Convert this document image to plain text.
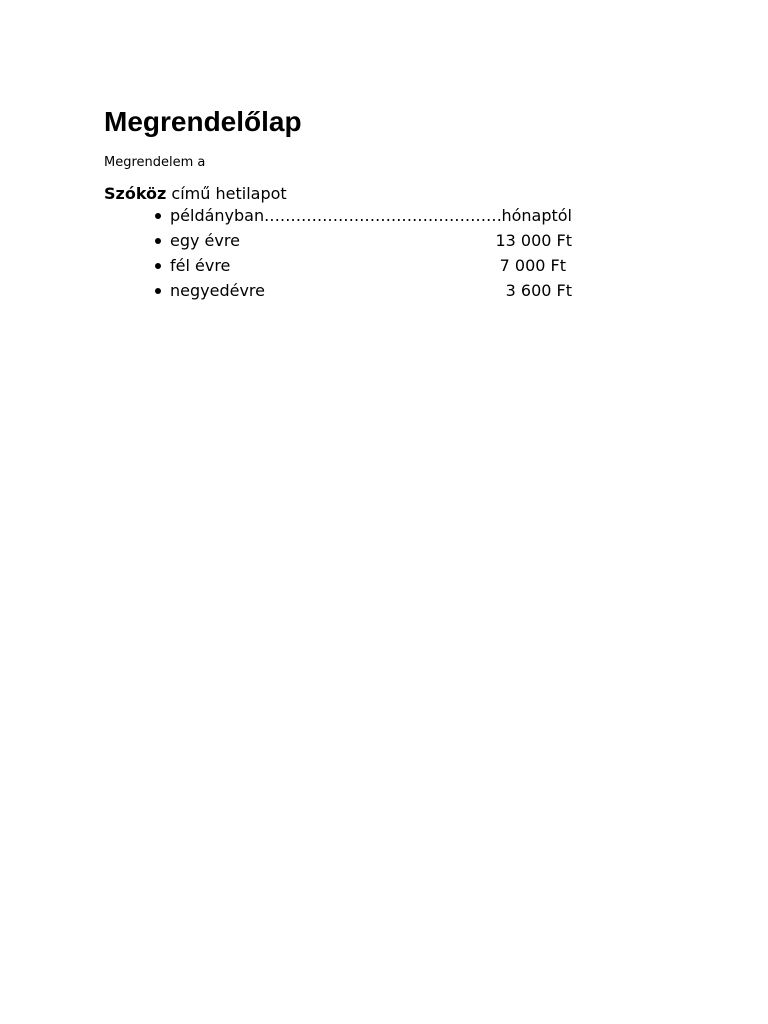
Megrendelőlap

Megrendelem a

Szóköz című hetilapot

példányban
.....	hónaptól
egy évre	13 000 Ft
fél évre	7 000 Ft
negyedévre	3 600 Ft
